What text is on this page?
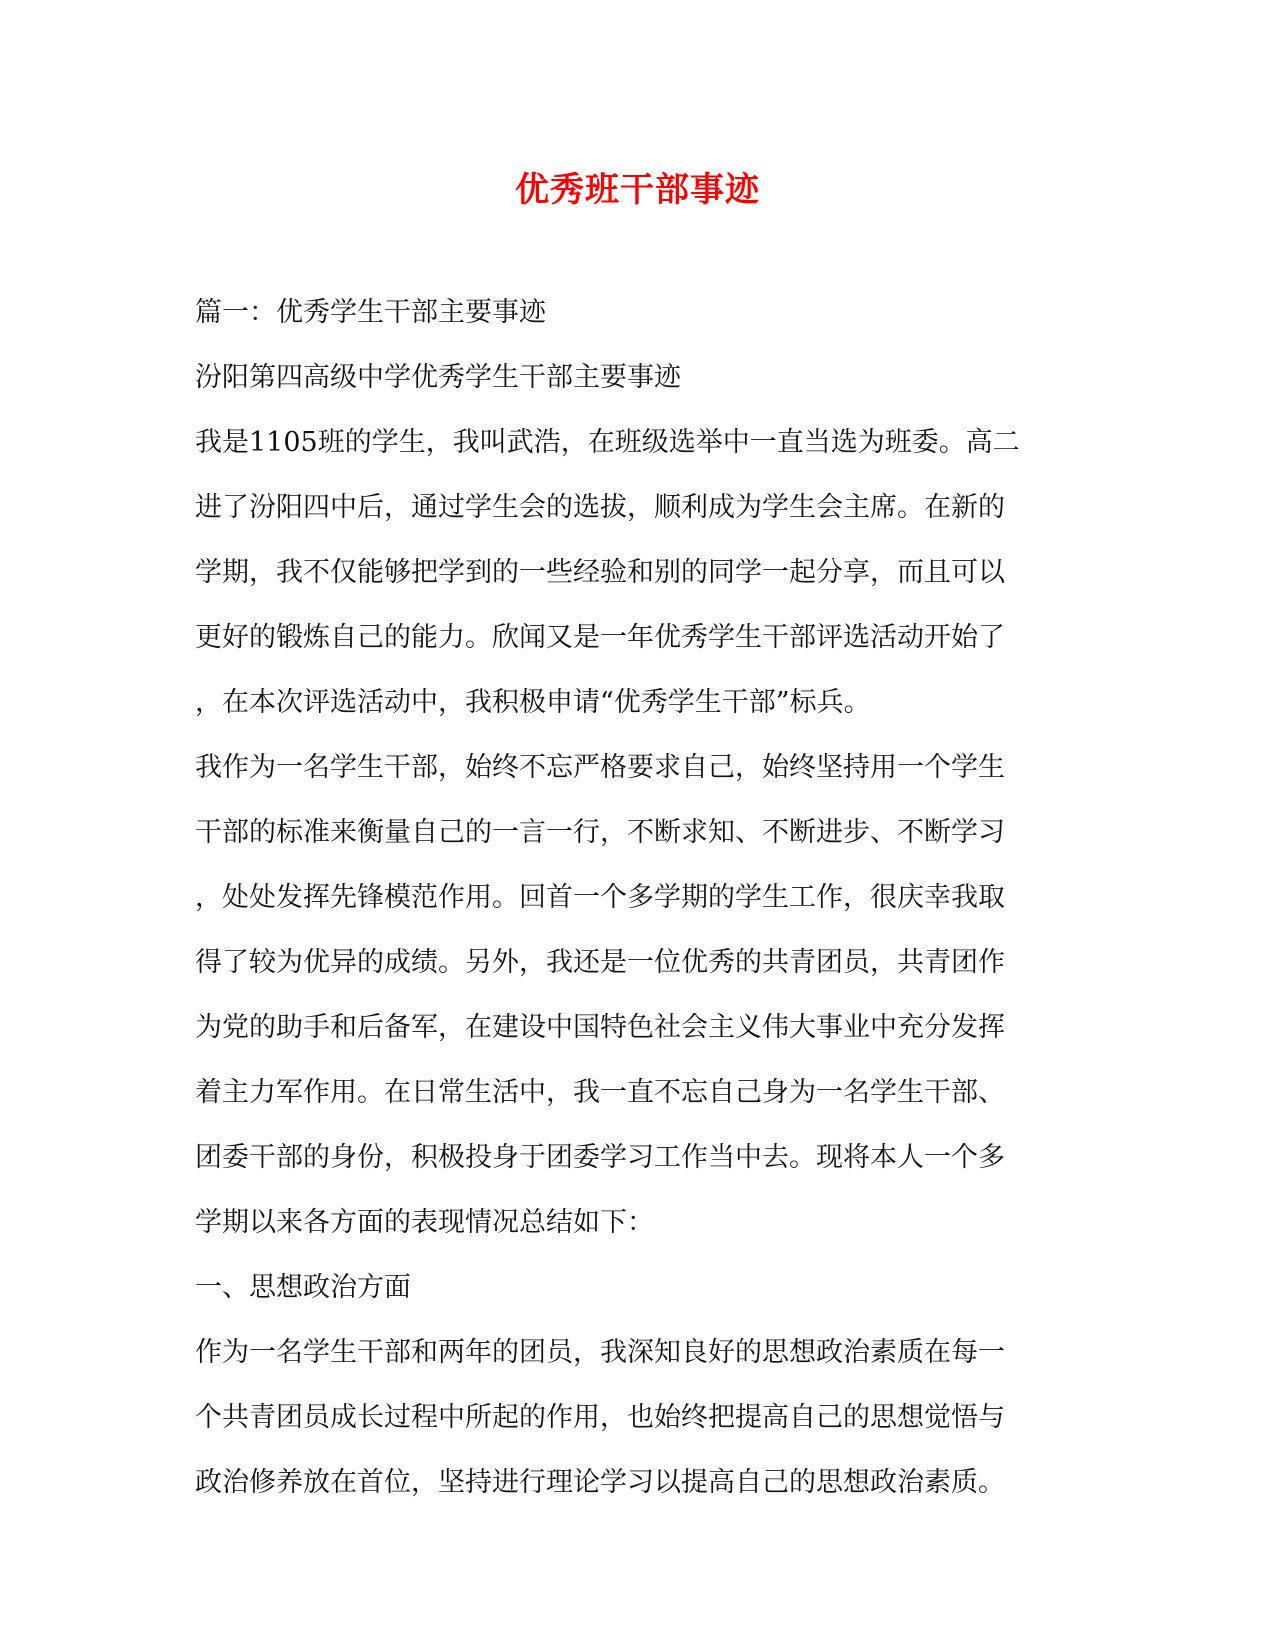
优秀班干部事迹
篇一：优秀学生干部主要事迹
汾阳第四高级中学优秀学生干部主要事迹
我是1105班的学生，我叫武浩，在班级选举中一直当选为班委。高二
进了汾阳四中后，通过学生会的选拔，顺利成为学生会主席。在新的
学期，我不仅能够把学到的一些经验和别的同学一起分享，而且可以
更好的锻炼自己的能力。欣闻又是一年优秀学生干部评选活动开始了
，在本次评选活动中，我积极申请“优秀学生干部”标兵。
我作为一名学生干部，始终不忘严格要求自己，始终坚持用一个学生
干部的标准来衡量自己的一言一行，不断求知、不断进步、不断学习
，处处发挥先锋模范作用。回首一个多学期的学生工作，很庆幸我取
得了较为优异的成绩。另外，我还是一位优秀的共青团员，共青团作
为党的助手和后备军，在建设中国特色社会主义伟大事业中充分发挥
着主力军作用。在日常生活中，我一直不忘自己身为一名学生干部、
团委干部的身份，积极投身于团委学习工作当中去。现将本人一个多
学期以来各方面的表现情况总结如下：
一、思想政治方面
作为一名学生干部和两年的团员，我深知良好的思想政治素质在每一
个共青团员成长过程中所起的作用，也始终把提高自己的思想觉悟与
政治修养放在首位，坚持进行理论学习以提高自己的思想政治素质。
